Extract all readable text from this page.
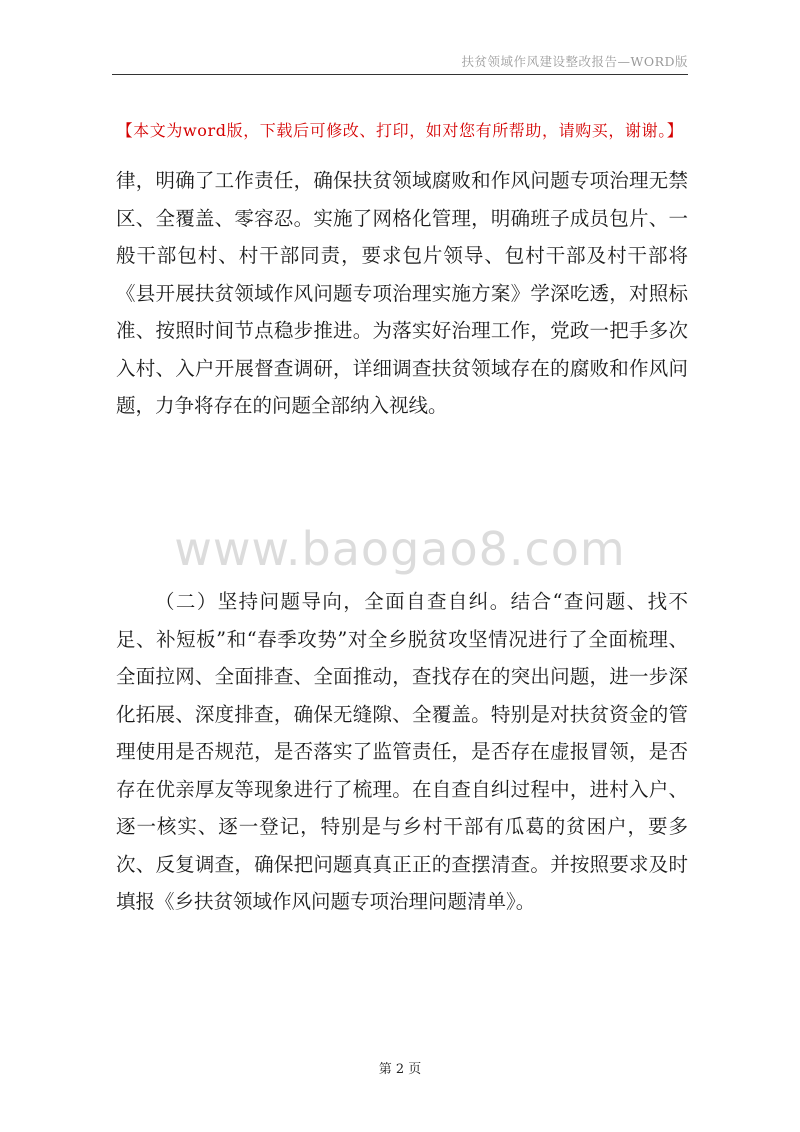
扶贫领域作风建设整改报告—WORD版
【本文为word版，下载后可修改、打印，如对您有所帮助，请购买，谢谢。】

律，明确了工作责任，确保扶贫领域腐败和作风问题专项治理无禁区、全覆盖、零容忍。实施了网格化管理，明确班子成员包片、一般干部包村、村干部同责，要求包片领导、包村干部及村干部将《县开展扶贫领域作风问题专项治理实施方案》学深吃透，对照标准、按照时间节点稳步推进。为落实好治理工作，党政一把手多次入村、入户开展督查调研，详细调查扶贫领域存在的腐败和作风问题，力争将存在的问题全部纳入视线。

www.baogao8.com

（二）坚持问题导向，全面自查自纠。结合“查问题、找不足、补短板”和“春季攻势”对全乡脱贫攻坚情况进行了全面梳理、全面拉网、全面排查、全面推动，查找存在的突出问题，进一步深化拓展、深度排查，确保无缝隙、全覆盖。特别是对扶贫资金的管理使用是否规范，是否落实了监管责任，是否存在虚报冒领，是否存在优亲厚友等现象进行了梳理。在自查自纠过程中，进村入户、逐一核实、逐一登记，特别是与乡村干部有瓜葛的贫困户，要多次、反复调查，确保把问题真真正正的查摆清查。并按照要求及时填报《乡扶贫领域作风问题专项治理问题清单》。

第 2 页
